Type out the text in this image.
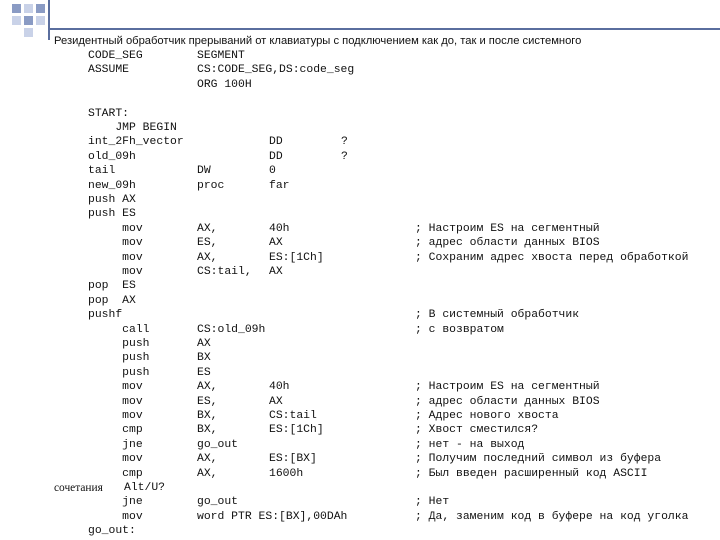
Резидентный обработчик прерываний от клавиатуры с подключением как до, так и после системного
CODE_SEG	SEGMENT
ASSUME	CS:CODE_SEG,DS:code_seg
ORG 100H
START:
JMP BEGIN
int_2Fh_vector	DD	?
old_09h	DD	?
tail	DW	0
new_09h	proc	far
push AX
push ES
mov	AX,	40h	; Настроим ES на сегментный
mov	ES,	AX	; адрес области данных BIOS
mov	AX,	ES:[1Ch]	; Сохраним адрес хвоста перед обработкой
mov	CS:tail, AX
pop  ES
pop  AX
pushf	; В системный обработчик
call	CS:old_09h	; с возвратом
push	AX
push	BX
push	ES
mov	AX,	40h	; Настроим ES на сегментный
mov	ES,	AX	; адрес области данных BIOS
mov	BX,	CS:tail	; Адрес нового хвоста
cmp	BX,	ES:[1Ch]	; Хвост сместился?
jne	go_out	; нет - на выход
mov	AX,	ES:[BX]	; Получим последний символ из буфера
cmp	AX,	1600h	; Был введен расширенный код ASCII
сочетания Alt/U?
jne	go_out	; Нет
mov	word PTR ES:[BX],00DAh	; Да, заменим код в буфере на код уголка
go_out:
